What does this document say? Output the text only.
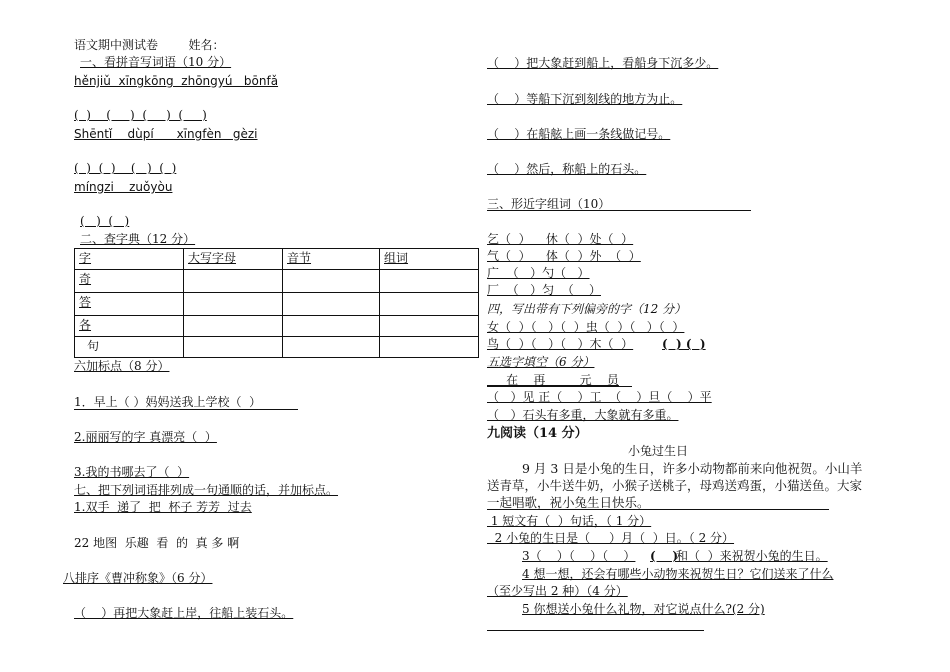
语文期中测试卷        姓名：
一、看拼音写词语（10 分）
hěnjiǔ  xīngkōng  zhōngyú   bōnfǎ
(  )    (     )  (     )  (     )
Shēntǐ    dùpí      xīngfèn   gèzi
(  )  (  )    (   )  (  )
míngzi    zuǒyòu
(   )  (   )
二、查字典（12 分）
字	大写字母	音节	组词
奇			
答			
各			
句			
六加标点（8 分）
1．早上（ ）妈妈送我上学校（  ）
2.丽丽写的字 真漂亮（  ）
3.我的书哪去了（  ）
七、把下列词语排列成一句通顺的话，并加标点。
1.双手  递了  把  杯子 芳芳  过去
22 地图  乐趣  看  的  真 多 啊
八排序《曹冲称象》（6 分）
（    ）再把大象赶上岸，往船上装石头。
（    ）把大象赶到船上，看船身下沉多少。
（    ）等船下沉到刻线的地方为止。
（    ）在船舷上画一条线做记号。
（    ）然后，称船上的石头。
三、形近字组词（10）
乞（  ）    休（  ）处（  ）
气（  ）    体（  ）外  （  ）
广  （   ）勺（   ）
厂  （   ）匀  （    ）
四，写出带有下列偏旁的字（12 分）
女（  ）（   ）（  ）虫（  ）（   ）（  ）
鸟（  ）（   ）（   ）木（  ） (  ) (  )
五选字填空（6 分）
在    再         元    员
（   ）见 正（    ）工  （    ）旦（    ）平
（   ）石头有多重，大象就有多重。
九阅读（14 分）
小兔过生日
9 月 3 日是小兔的生日，许多小动物都前来向他祝贺。小山羊
送青草，小牛送牛奶，小猴子送桃子，母鸡送鸡蛋，小猫送鱼。大家
一起唱歌，祝小兔生日快乐。
1 短文有（  ）句话，（ 1 分）
2 小兔的生日是（     ）月（  ）日。（ 2 分）
3（    ）（    ）（    ） (    )
和（  ）来祝贺小兔的生日。
4 想一想，还会有哪些小动物来祝贺生日？它们送来了什么
（至少写出 2 种）（4 分）
5 你想送小兔什么礼物，对它说点什么?(2 分)
